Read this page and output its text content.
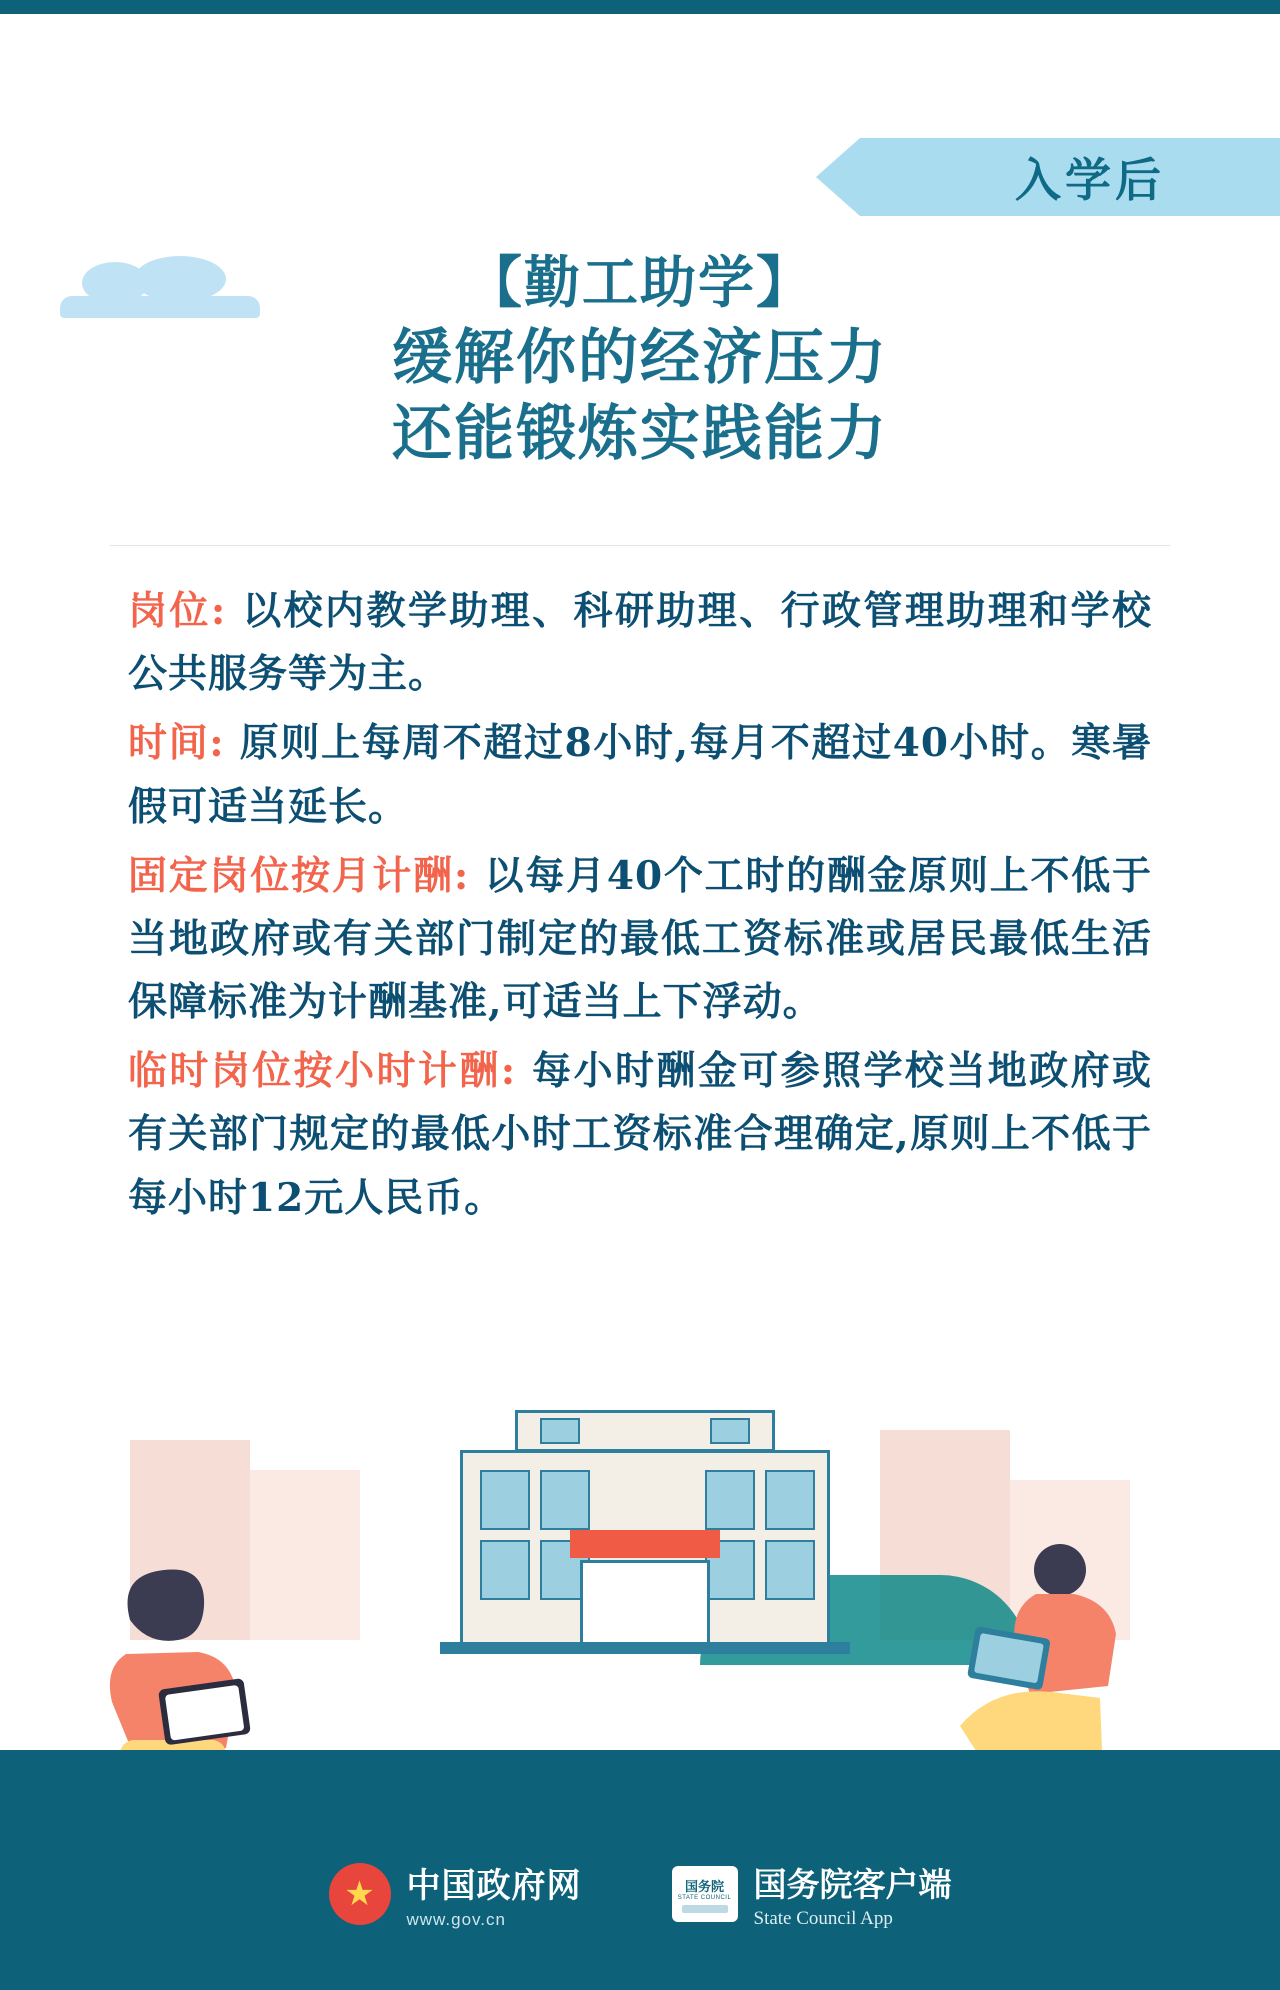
入学后
【勤工助学】
缓解你的经济压力
还能锻炼实践能力

岗位: 以校内教学助理、科研助理、行政管理助理和学校公共服务等为主。

时间: 原则上每周不超过8小时,每月不超过40小时。寒暑假可适当延长。

固定岗位按月计酬: 以每月40个工时的酬金原则上不低于当地政府或有关部门制定的最低工资标准或居民最低生活保障标准为计酬基准,可适当上下浮动。

临时岗位按小时计酬: 每小时酬金可参照学校当地政府或有关部门规定的最低小时工资标准合理确定,原则上不低于每小时12元人民币。

★ 中国政府网
www.gov.cn
国务院
STATE COUNCIL 国务院客户端
State Council App
